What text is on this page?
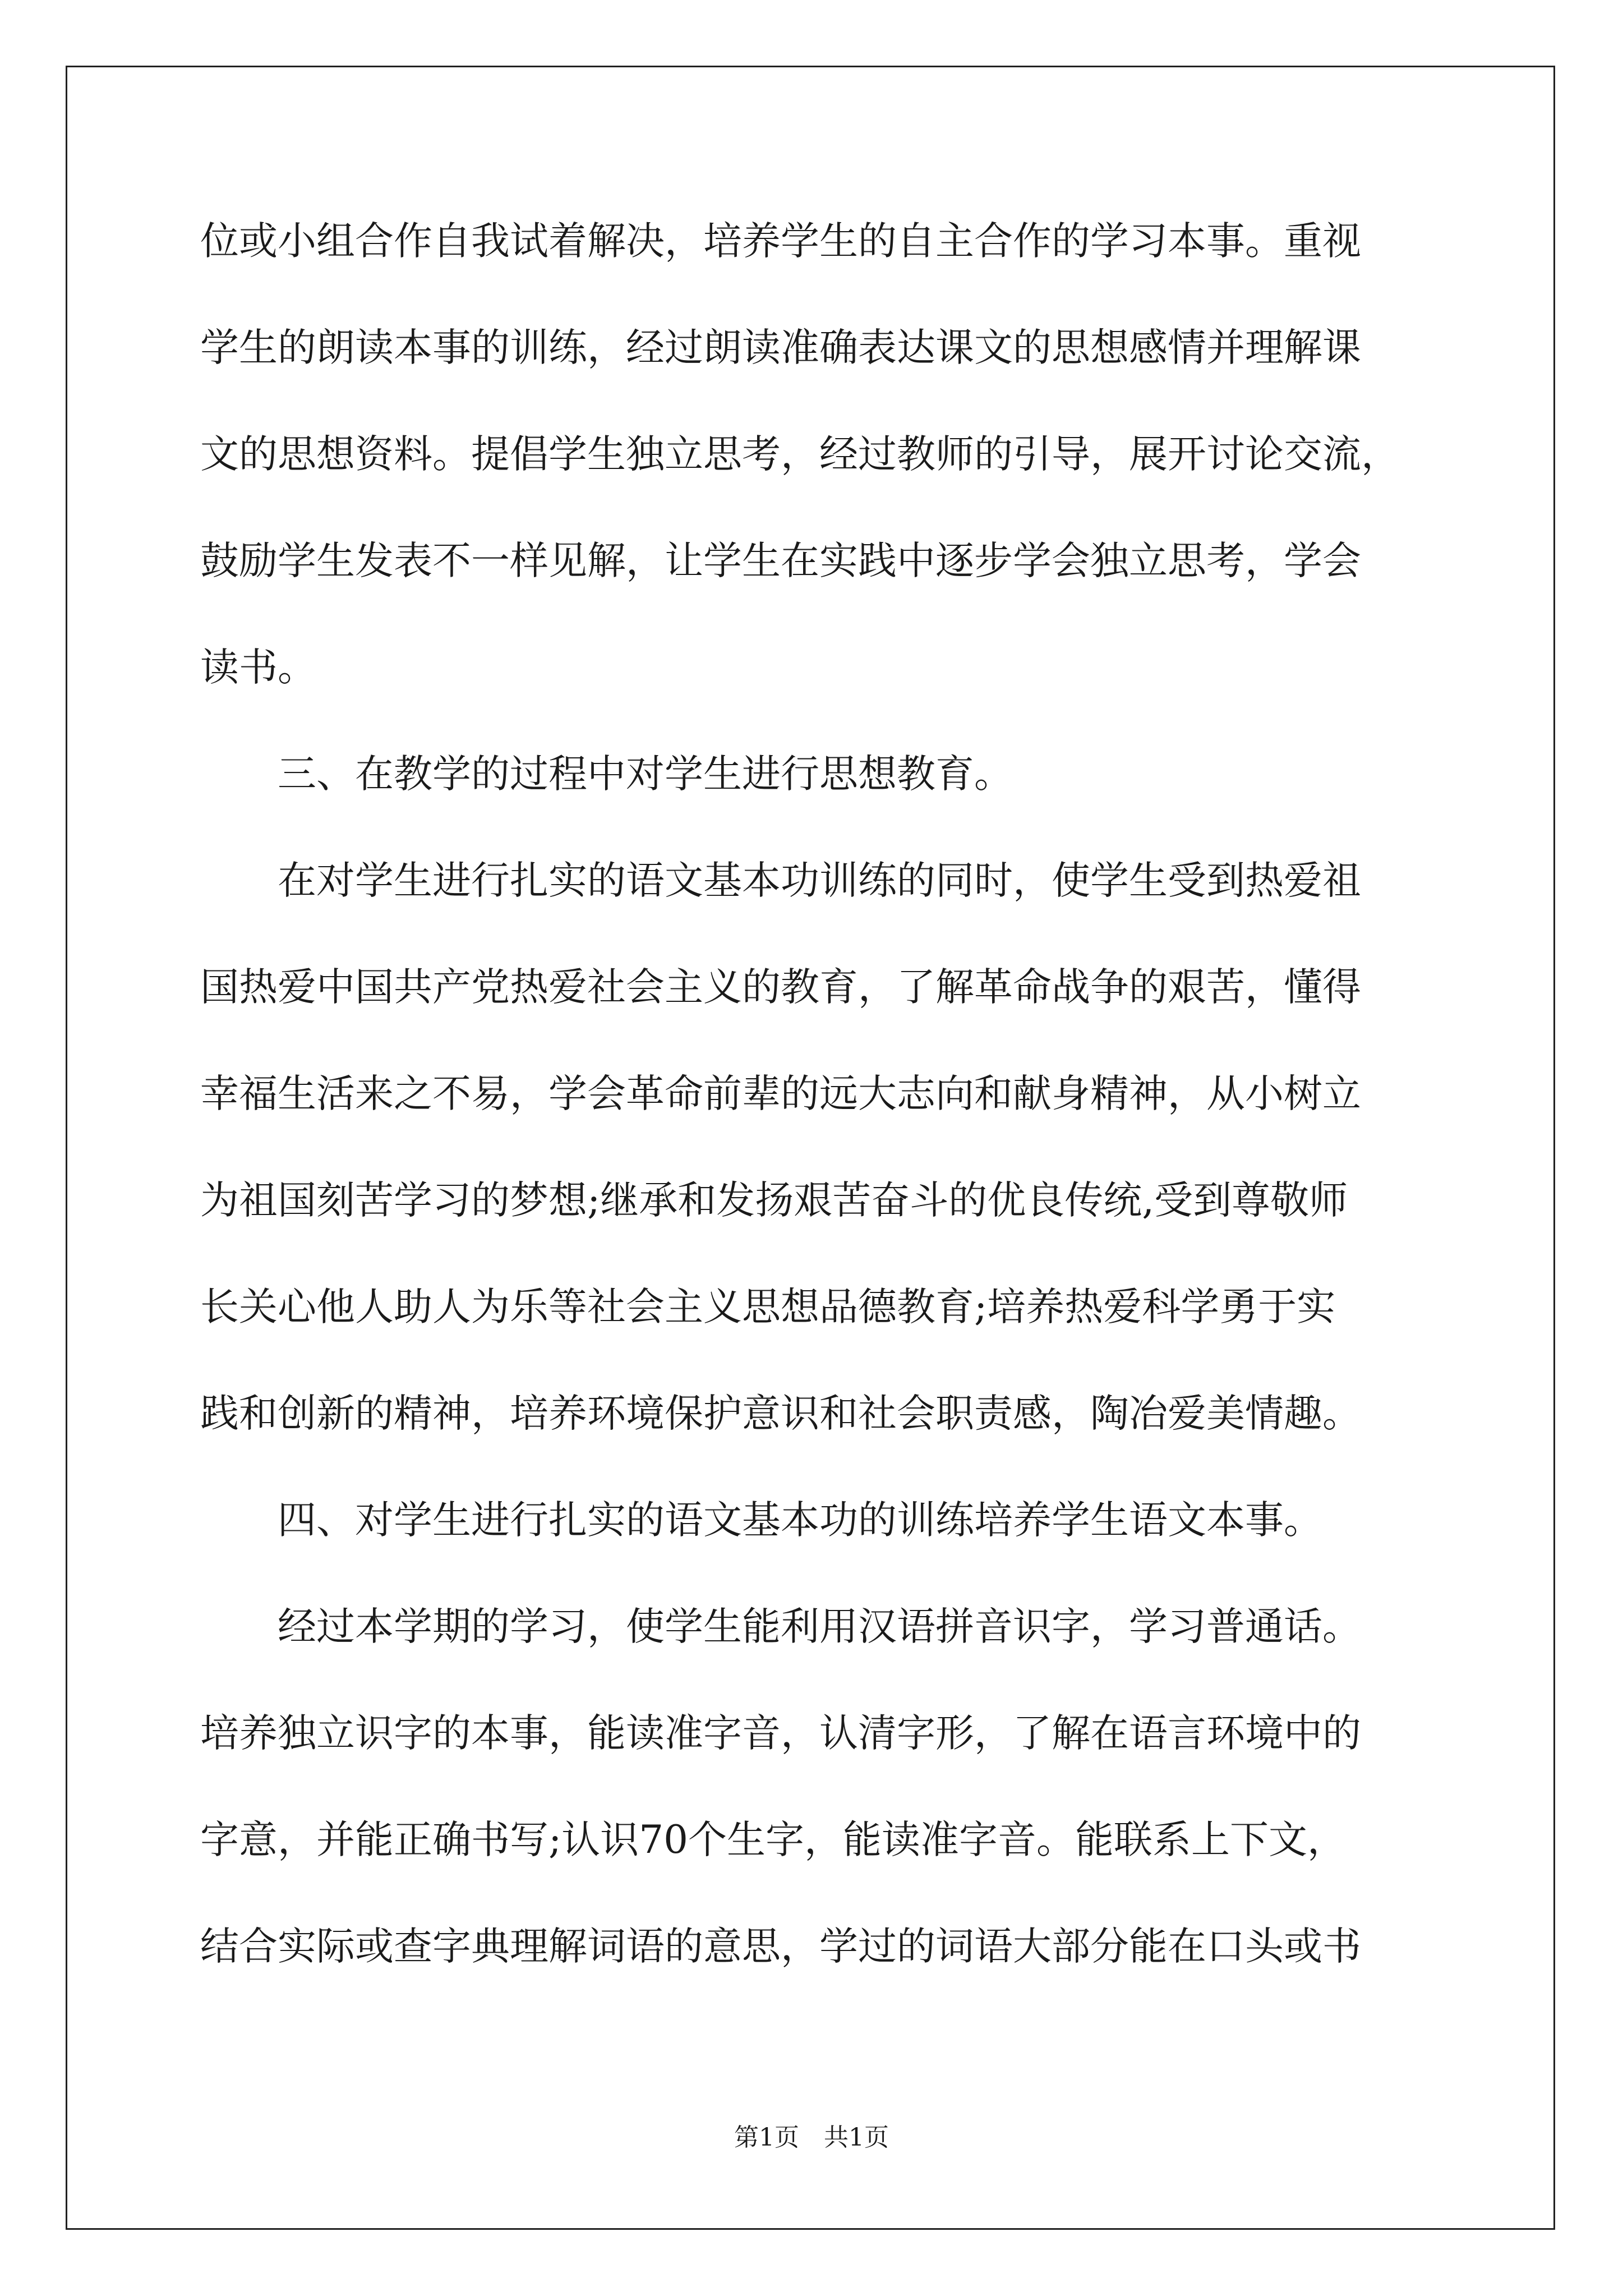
位或小组合作自我试着解决，培养学生的自主合作的学习本事。重视
学生的朗读本事的训练，经过朗读准确表达课文的思想感情并理解课
文的思想资料。提倡学生独立思考，经过教师的引导，展开讨论交流，
鼓励学生发表不一样见解，让学生在实践中逐步学会独立思考，学会
读书。
三、在教学的过程中对学生进行思想教育。
在对学生进行扎实的语文基本功训练的同时，使学生受到热爱祖
国热爱中国共产党热爱社会主义的教育，了解革命战争的艰苦，懂得
幸福生活来之不易，学会革命前辈的远大志向和献身精神，从小树立
为祖国刻苦学习的梦想;继承和发扬艰苦奋斗的优良传统,受到尊敬师
长关心他人助人为乐等社会主义思想品德教育;培养热爱科学勇于实
践和创新的精神，培养环境保护意识和社会职责感，陶冶爱美情趣。
四、对学生进行扎实的语文基本功的训练培养学生语文本事。
经过本学期的学习，使学生能利用汉语拼音识字，学习普通话。
培养独立识字的本事，能读准字音，认清字形，了解在语言环境中的
字意，并能正确书写;认识70个生字，能读准字音。能联系上下文，
结合实际或查字典理解词语的意思，学过的词语大部分能在口头或书
第1页　共1页
